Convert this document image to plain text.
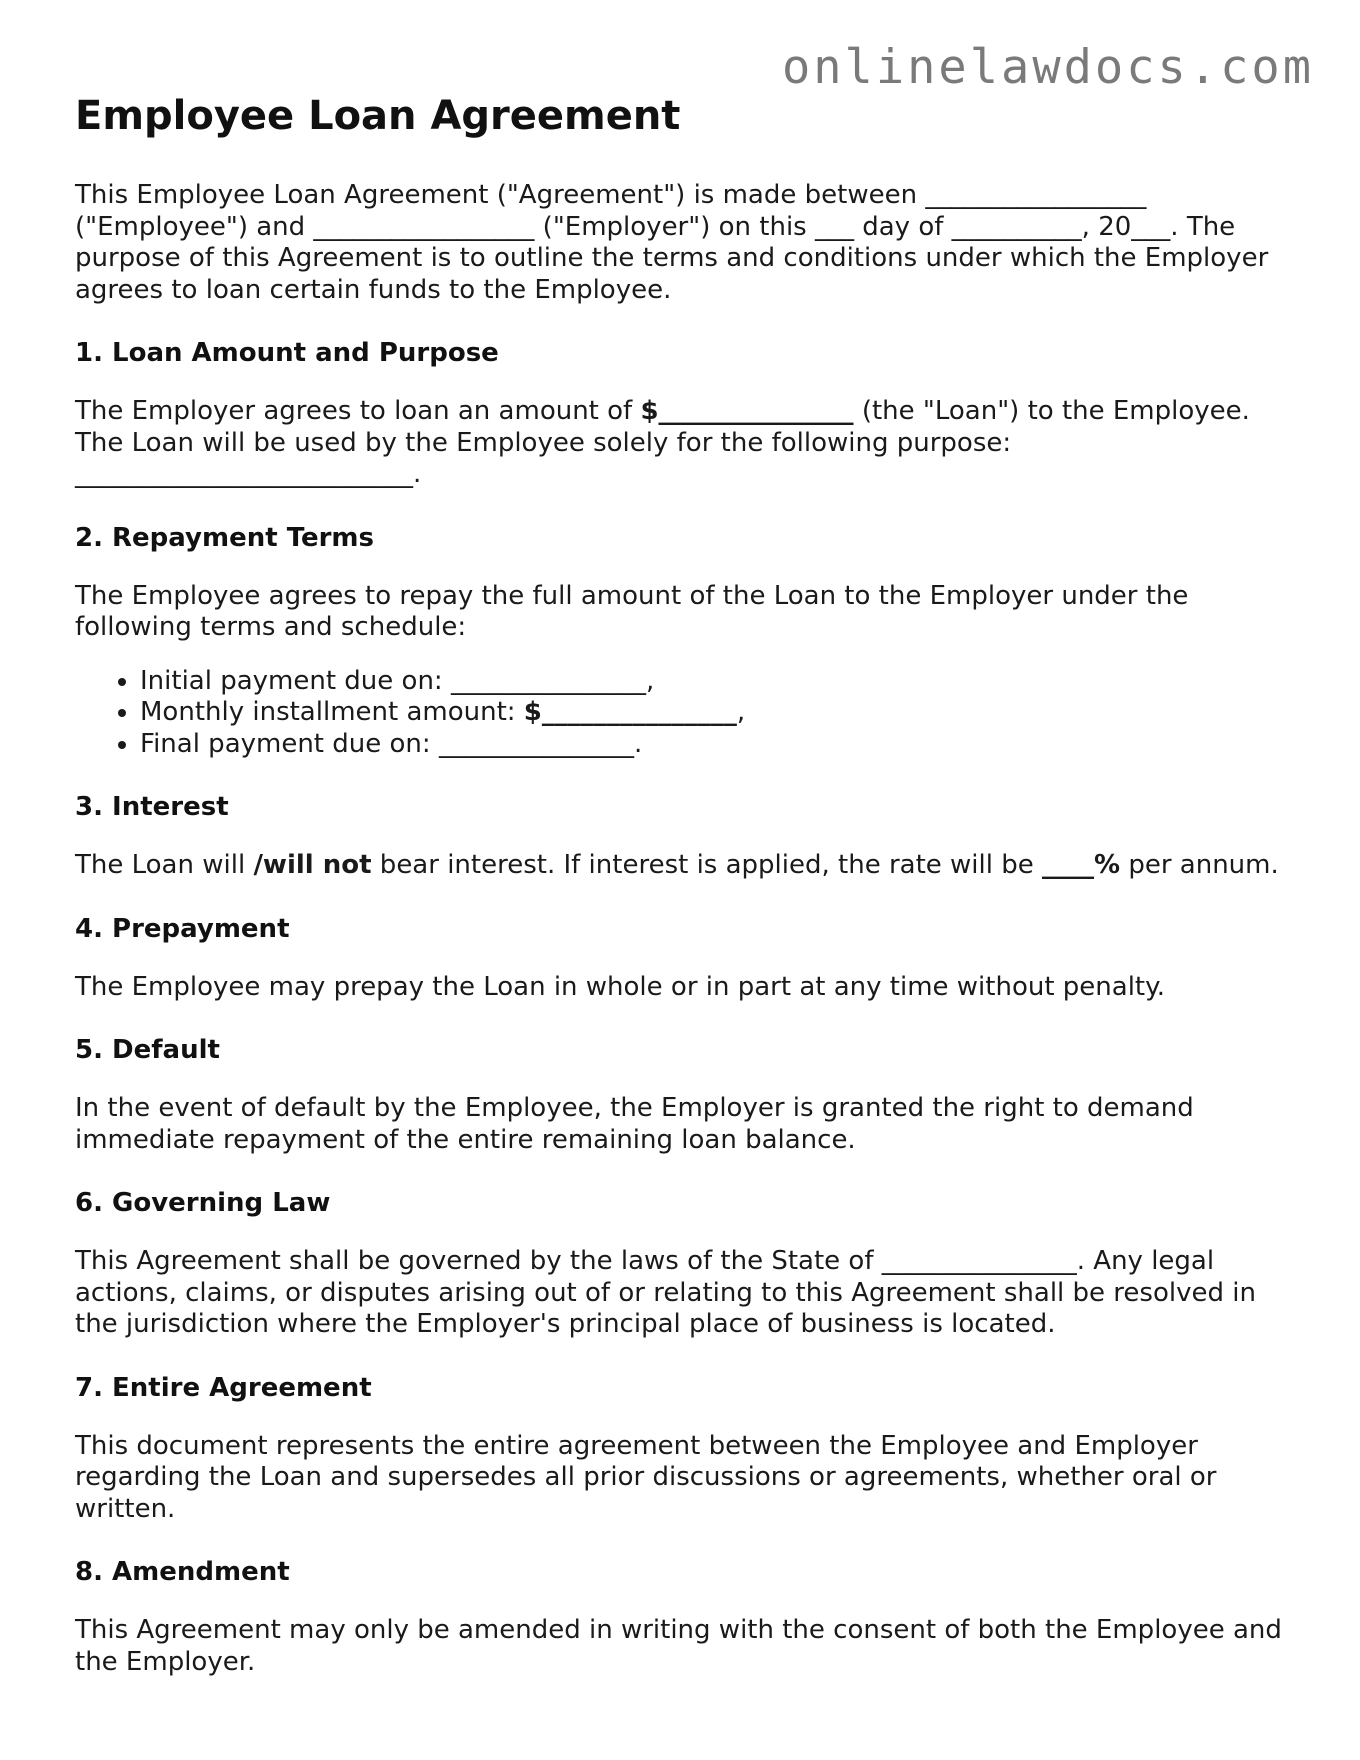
onlinelawdocs.com
Employee Loan Agreement

This Employee Loan Agreement ("Agreement") is made between _________________ ("Employee") and _________________ ("Employer") on this ___ day of __________, 20___. The purpose of this Agreement is to outline the terms and conditions under which the Employer agrees to loan certain funds to the Employee.

1. Loan Amount and Purpose

The Employer agrees to loan an amount of $_______________ (the "Loan") to the Employee. The Loan will be used by the Employee solely for the following purpose: __________________________.

2. Repayment Terms

The Employee agrees to repay the full amount of the Loan to the Employer under the following terms and schedule:

• Initial payment due on: _______________,
• Monthly installment amount: $_______________,
• Final payment due on: _______________.
3. Interest

The Loan will /will not bear interest. If interest is applied, the rate will be ____% per annum.

4. Prepayment

The Employee may prepay the Loan in whole or in part at any time without penalty.

5. Default

In the event of default by the Employee, the Employer is granted the right to demand immediate repayment of the entire remaining loan balance.

6. Governing Law

This Agreement shall be governed by the laws of the State of _______________. Any legal actions, claims, or disputes arising out of or relating to this Agreement shall be resolved in the jurisdiction where the Employer's principal place of business is located.

7. Entire Agreement

This document represents the entire agreement between the Employee and Employer regarding the Loan and supersedes all prior discussions or agreements, whether oral or written.

8. Amendment

This Agreement may only be amended in writing with the consent of both the Employee and the Employer.
